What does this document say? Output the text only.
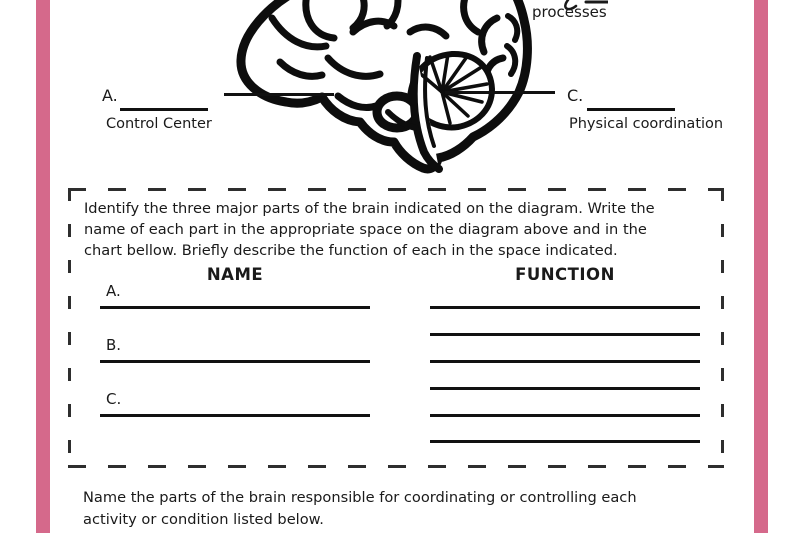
processes
A.
Control Center
C.
Physical coordination
Identify the three major parts of the brain indicated on the diagram. Write the
name of each part in the appropriate space on the diagram above and in the
chart bellow. Briefly describe the function of each in the space indicated.
NAME	FUNCTION
A.
B.
C.
Name the parts of the brain responsible for coordinating or controlling each
activity or condition listed below.
